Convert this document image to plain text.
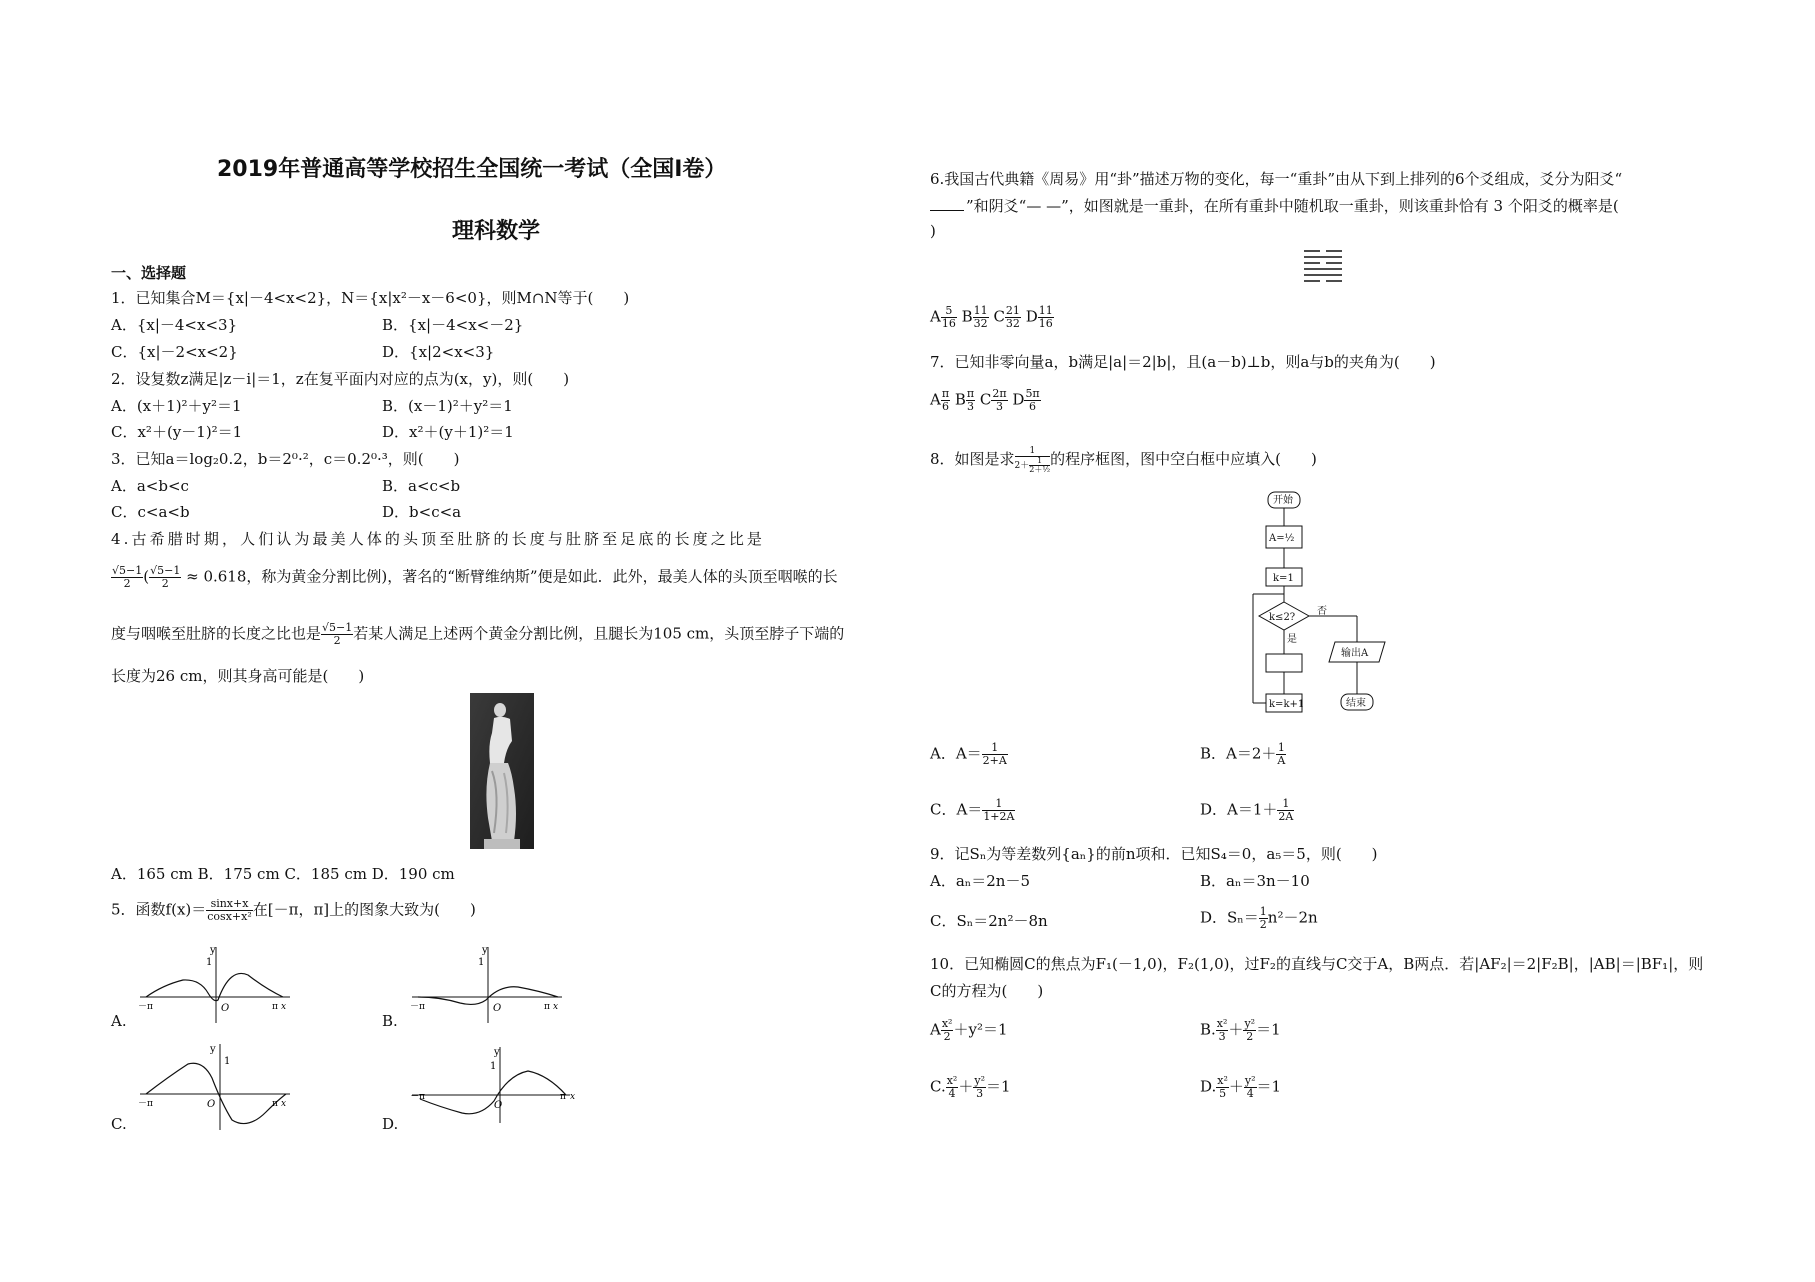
2019年普通高等学校招生全国统一考试（全国Ⅰ卷）
理科数学
一、选择题
1．已知集合M＝{x|－4<x<2}，N＝{x|x²－x－6<0}，则M∩N等于(　　)
A．{x|－4<x<3}	B．{x|－4<x<－2}
C．{x|－2<x<2}	D．{x|2<x<3}
2．设复数z满足|z－i|＝1，z在复平面内对应的点为(x，y)，则(　　)
A．(x＋1)²＋y²＝1	B．(x－1)²＋y²＝1
C．x²＋(y－1)²＝1	D．x²＋(y＋1)²＝1
3．已知a＝log₂0.2，b＝2⁰·²，c＝0.2⁰·³，则(　　)
A．a<b<c	B．a<c<b
C．c<a<b	D．b<c<a
4.古希腊时期，人们认为最美人体的头顶至肚脐的长度与肚脐至足底的长度之比是
$\frac{√5-1}{2}$ ( $\frac{√5-1}{2} \approx 0.618$，称为黄金分割比例)，著名的“断臂维纳斯”便是如此．此外，最美人体的头顶至咽喉的长
度与咽喉至肚脐的长度之比也是 $\frac{√5-1}{2}$ 若某人满足上述两个黄金分割比例，且腿长为105 cm，头顶至脖子下端的
长度为26 cm，则其身高可能是(　　)
A．165 cm B．175 cm C．185 cm D．190 cm
5．函数$f(x)= \frac{\sin x+x}{\text{cosx+x²}}$ 在[－π，π]上的图象大致为(　　)
y
1
O
－π	π x
A.
y
1
O
－π	π x
B.
y
1
O
－π	π x
C.
y
1
O
－π	π x
D.
6.我国古代典籍《周易》用“卦”描述万物的变化，每一“重卦”由从下到上排列的6个爻组成，爻分为阳爻“
”和阴爻“— —”，如图就是一重卦，在所有重卦中随机取一重卦，则该重卦恰有 3 个阳爻的概率是(
)
A $\frac{5}{16}$ B $\frac{11}{32}$ C $\frac{21}{32}$ D $\frac{11}{16}$
7．已知非零向量a，b满足|a|＝2|b|，且(a－b)⊥b，则a与b的夹角为(　　)
A $\frac{\pi}{6}$ B $\frac{\pi}{3}$ C $\frac{2\pi}{3}$ D $\frac{5\pi}{6}$
8．如图是求 $\frac{1}{2+ \frac{1}{\text{2＋½}}}$ 的程序框图，图中空白框中应填入(　　)
开始
A=½
k=1
k≤2?
否
是
k=k+1
输出A
结束
A．$A= \frac{1}{2+A}$	B．$A=2+ \frac{1}{A}$
C．$A= \frac{1}{1+2A}$	D．$A=1+ \frac{1}{2A}$
9．记Sₙ为等差数列{aₙ}的前n项和．已知S₄＝0，a₅＝5，则(　　)
A．aₙ＝2n－5	B．aₙ＝3n－10
C．Sₙ＝2n²－8n	D．$S_n= \frac{1}{2} n^2-2n$
10．已知椭圆C的焦点为F₁(－1,0)，F₂(1,0)，过F₂的直线与C交于A，B两点．若|AF₂|＝2|F₂B|，|AB|＝|BF₁|，则
C的方程为(　　)
A $\frac{\text{x²}}{2} +y^2=1$	B. $\frac{\text{x²}}{3} + \frac{\text{y²}}{2} =1$
C. $\frac{\text{x²}}{4} + \frac{\text{y²}}{3} =1$	D. $\frac{\text{x²}}{5} + \frac{\text{y²}}{4} =1$
